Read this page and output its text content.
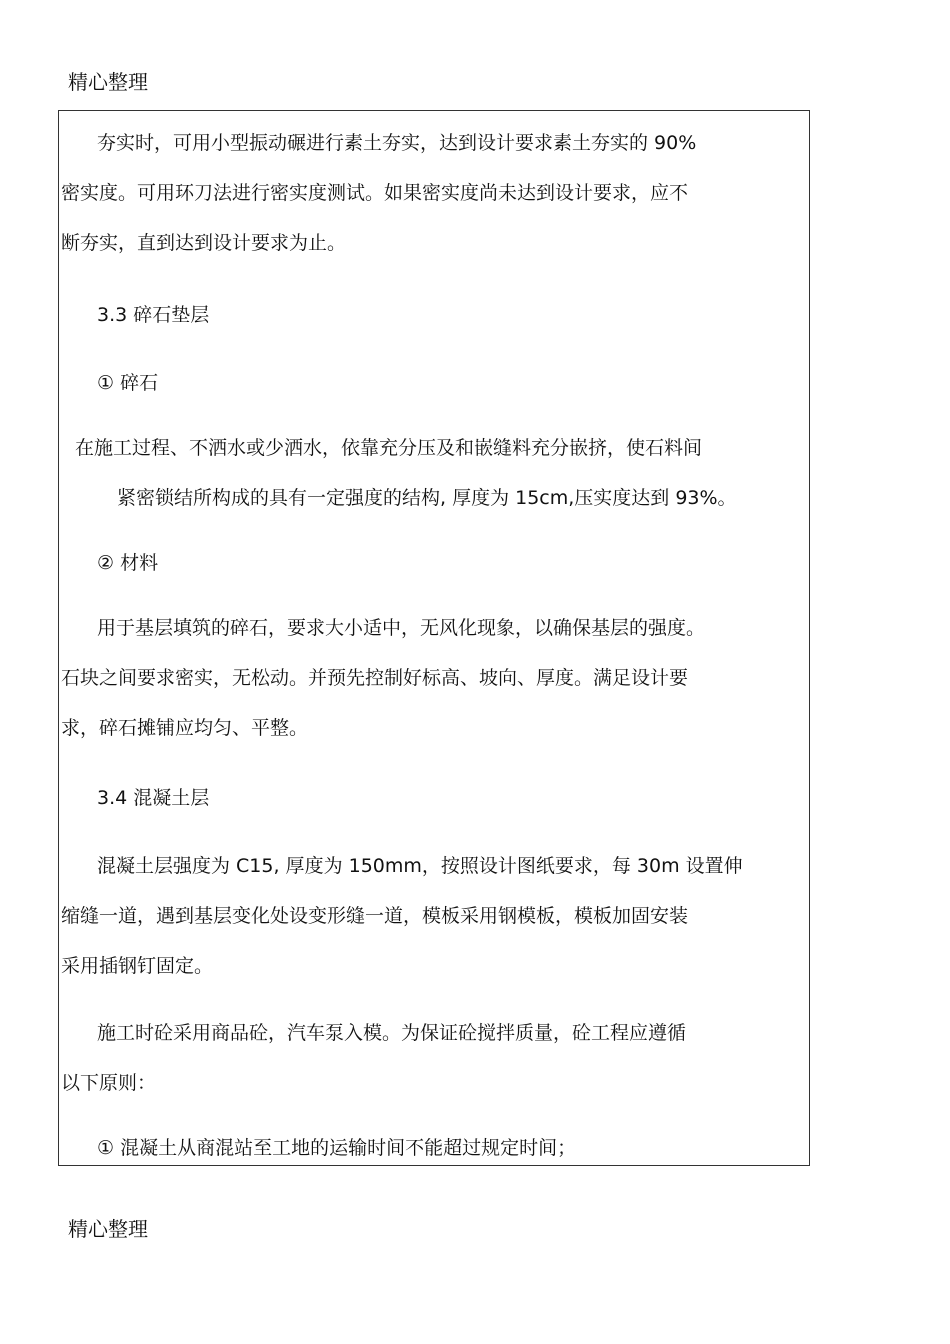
精心整理
夯实时，可用小型振动碾进行素土夯实，达到设计要求素土夯实的 90%
密实度。可用环刀法进行密实度测试。如果密实度尚未达到设计要求，应不
断夯实，直到达到设计要求为止。
3.3 碎石垫层
① 碎石
在施工过程、不洒水或少洒水，依靠充分压及和嵌缝料充分嵌挤，使石料间
紧密锁结所构成的具有一定强度的结构, 厚度为 15cm,压实度达到 93%。
② 材料
用于基层填筑的碎石，要求大小适中，无风化现象，以确保基层的强度。
石块之间要求密实，无松动。并预先控制好标高、坡向、厚度。满足设计要
求，碎石摊铺应均匀、平整。
3.4 混凝土层
混凝土层强度为 C15, 厚度为 150mm，按照设计图纸要求，每 30m 设置伸
缩缝一道，遇到基层变化处设变形缝一道，模板采用钢模板，模板加固安装
采用插钢钉固定。
施工时砼采用商品砼，汽车泵入模。为保证砼搅拌质量，砼工程应遵循
以下原则：
① 混凝土从商混站至工地的运输时间不能超过规定时间；
精心整理
